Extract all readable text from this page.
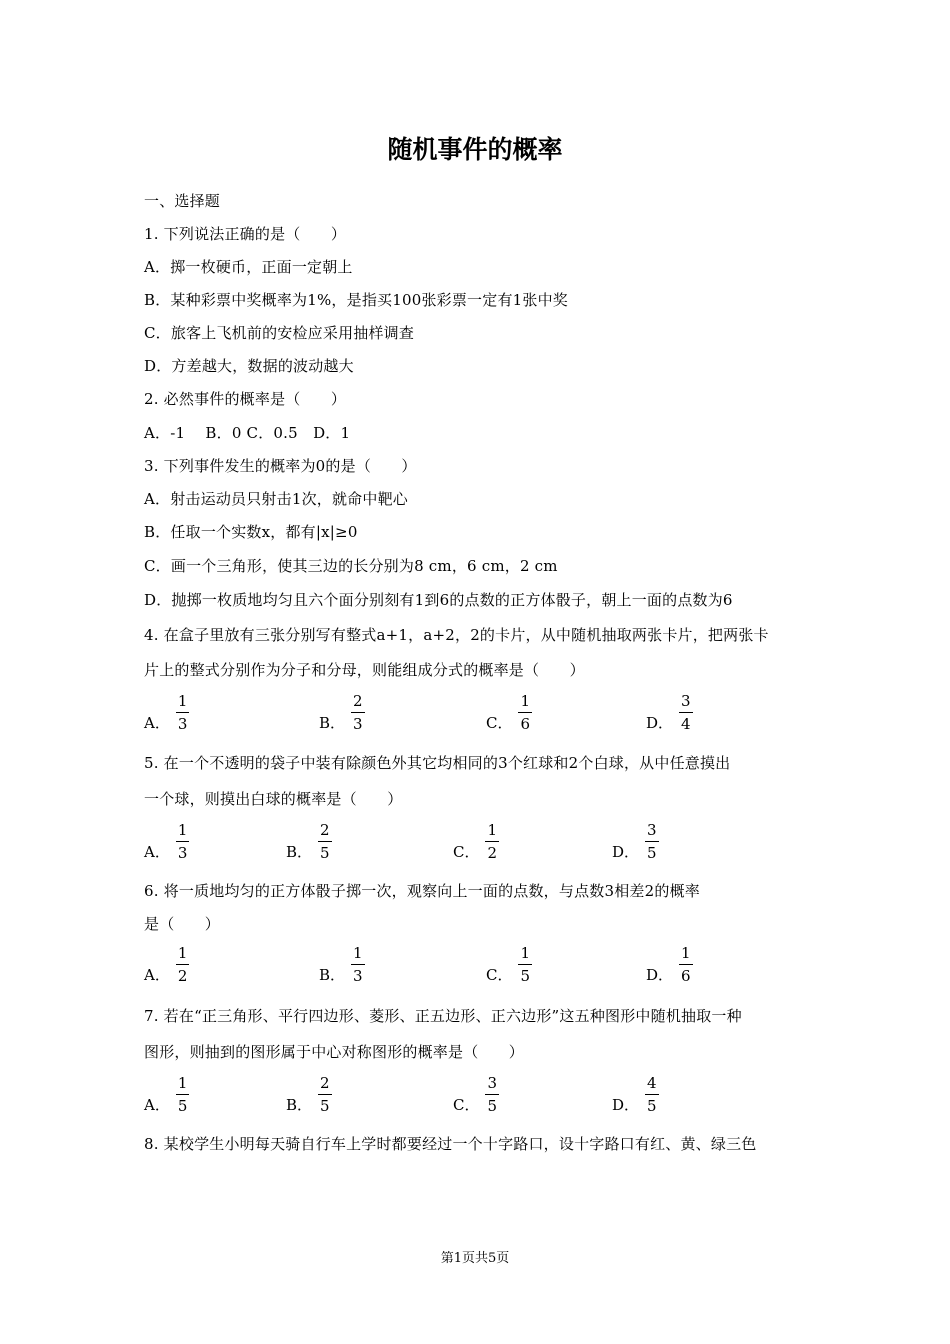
随机事件的概率
一、选择题
1. 下列说法正确的是（　　）
A．掷一枚硬币，正面一定朝上
B．某种彩票中奖概率为1%，是指买100张彩票一定有1张中奖
C．旅客上飞机前的安检应采用抽样调查
D．方差越大，数据的波动越大
2. 必然事件的概率是（　　）
A．-1　 B．0 C．0.5　D．1
3. 下列事件发生的概率为0的是（　　）
A．射击运动员只射击1次，就命中靶心
B．任取一个实数x，都有|x|≥0
C．画一个三角形，使其三边的长分别为8 cm，6 cm，2 cm
D．抛掷一枚质地均匀且六个面分别刻有1到6的点数的正方体骰子，朝上一面的点数为6
4. 在盒子里放有三张分别写有整式a+1，a+2，2的卡片，从中随机抽取两张卡片，把两张卡
片上的整式分别作为分子和分母，则能组成分式的概率是（　　）
A． $\frac{1}{3}$	B． $\frac{2}{3}$	C． $\frac{1}{6}$	D． $\frac{3}{4}$
5. 在一个不透明的袋子中装有除颜色外其它均相同的3个红球和2个白球，从中任意摸出
一个球，则摸出白球的概率是（　　）
A． $\frac{1}{3}$	B． $\frac{2}{5}$	C． $\frac{1}{2}$	D． $\frac{3}{5}$
6. 将一质地均匀的正方体骰子掷一次，观察向上一面的点数，与点数3相差2的概率
是（　　）
A． $\frac{1}{2}$	B． $\frac{1}{3}$	C． $\frac{1}{5}$	D． $\frac{1}{6}$
7. 若在“正三角形、平行四边形、菱形、正五边形、正六边形”这五种图形中随机抽取一种
图形，则抽到的图形属于中心对称图形的概率是（　　）
A． $\frac{1}{5}$	B． $\frac{2}{5}$	C． $\frac{3}{5}$	D． $\frac{4}{5}$
8. 某校学生小明每天骑自行车上学时都要经过一个十字路口，设十字路口有红、黄、绿三色
第1页共5页
